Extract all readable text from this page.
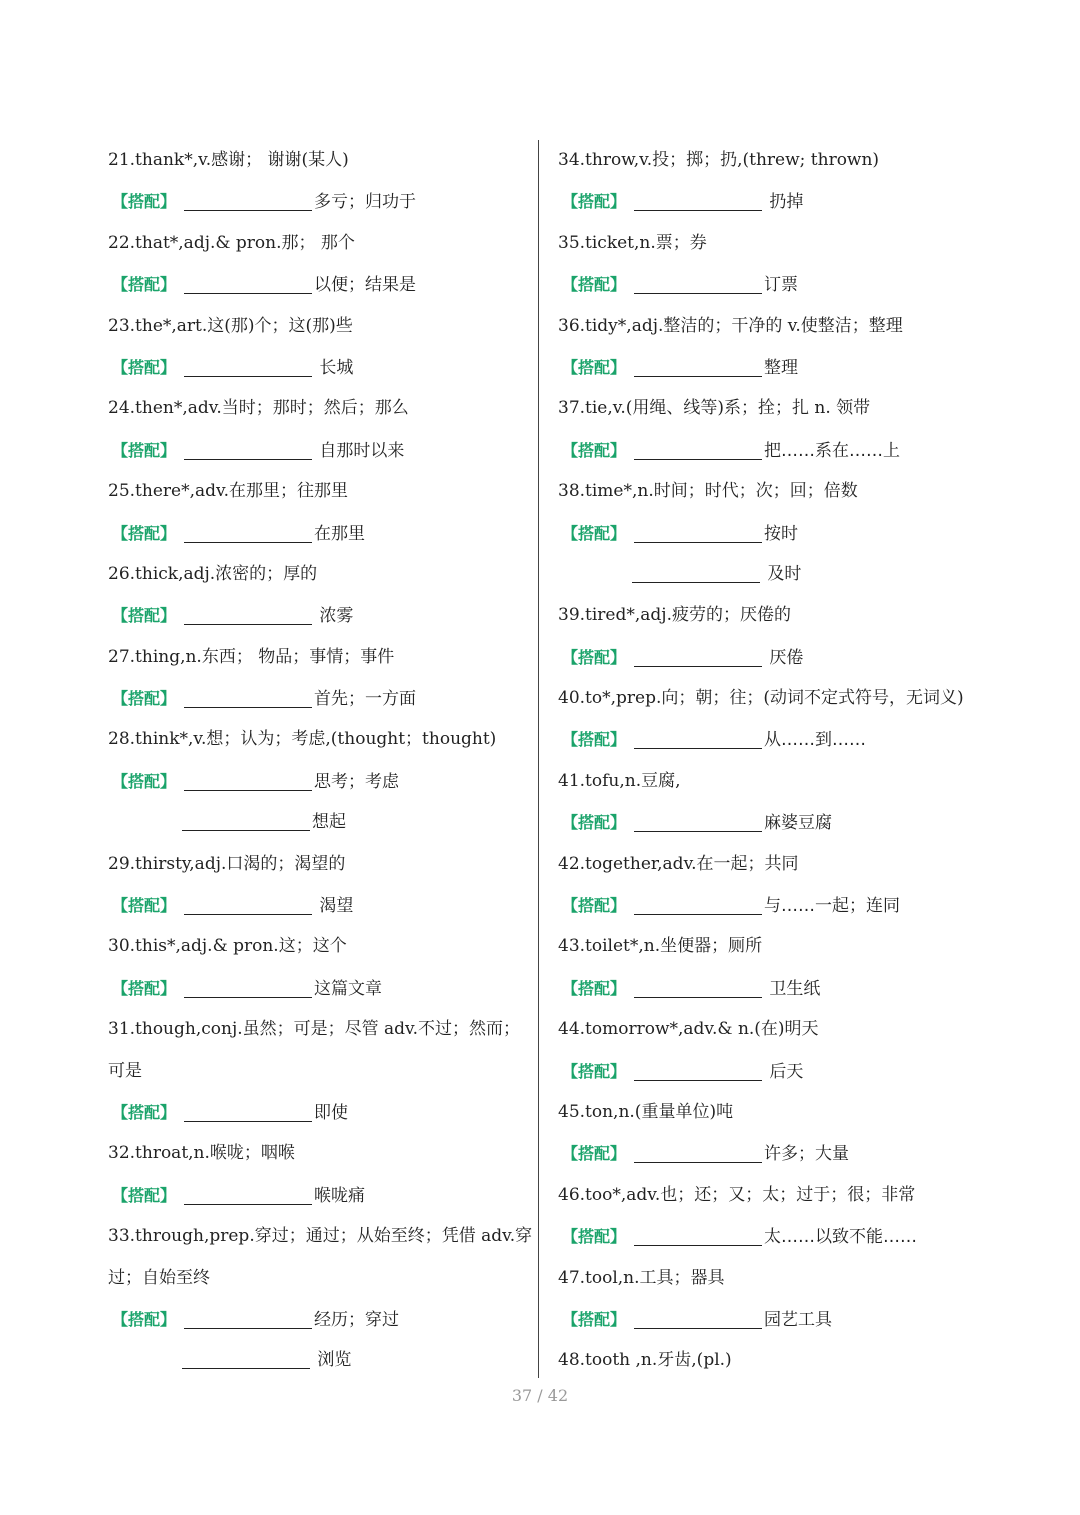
21.thank*,v.感谢； 谢谢(某人)
【搭配】	多亏；归功于
22.that*,adj.& pron.那； 那个
【搭配】	以便；结果是
23.the*,art.这(那)个；这(那)些
【搭配】	长城
24.then*,adv.当时；那时；然后；那么
【搭配】	自那时以来
25.there*,adv.在那里；往那里
【搭配】	在那里
26.thick,adj.浓密的；厚的
【搭配】	浓雾
27.thing,n.东西； 物品；事情；事件
【搭配】	首先；一方面
28.think*,v.想；认为；考虑,(thought；thought)
【搭配】	思考；考虑
想起
29.thirsty,adj.口渴的；渴望的
【搭配】	渴望
30.this*,adj.& pron.这；这个
【搭配】	这篇文章
31.though,conj.虽然；可是；尽管 adv.不过；然而；
可是
【搭配】	即使
32.throat,n.喉咙；咽喉
【搭配】	喉咙痛
33.through,prep.穿过；通过；从始至终；凭借 adv.穿
过；自始至终
【搭配】	经历；穿过
浏览
34.throw,v.投；掷；扔,(threw; thrown)
【搭配】	扔掉
35.ticket,n.票；券
【搭配】	订票
36.tidy*,adj.整洁的；干净的 v.使整洁；整理
【搭配】	整理
37.tie,v.(用绳、线等)系；拴；扎 n. 领带
【搭配】	把……系在……上
38.time*,n.时间；时代；次；回；倍数
【搭配】	按时
及时
39.tired*,adj.疲劳的；厌倦的
【搭配】	厌倦
40.to*,prep.向；朝；往；(动词不定式符号，无词义)
【搭配】	从……到……
41.tofu,n.豆腐,
【搭配】	麻婆豆腐
42.together,adv.在一起；共同
【搭配】	与……一起；连同
43.toilet*,n.坐便器；厕所
【搭配】	卫生纸
44.tomorrow*,adv.& n.(在)明天
【搭配】	后天
45.ton,n.(重量单位)吨
【搭配】	许多；大量
46.too*,adv.也；还；又；太；过于；很；非常
【搭配】	太……以致不能……
47.tool,n.工具；器具
【搭配】	园艺工具
48.tooth ,n.牙齿,(pl.)
37 / 42
